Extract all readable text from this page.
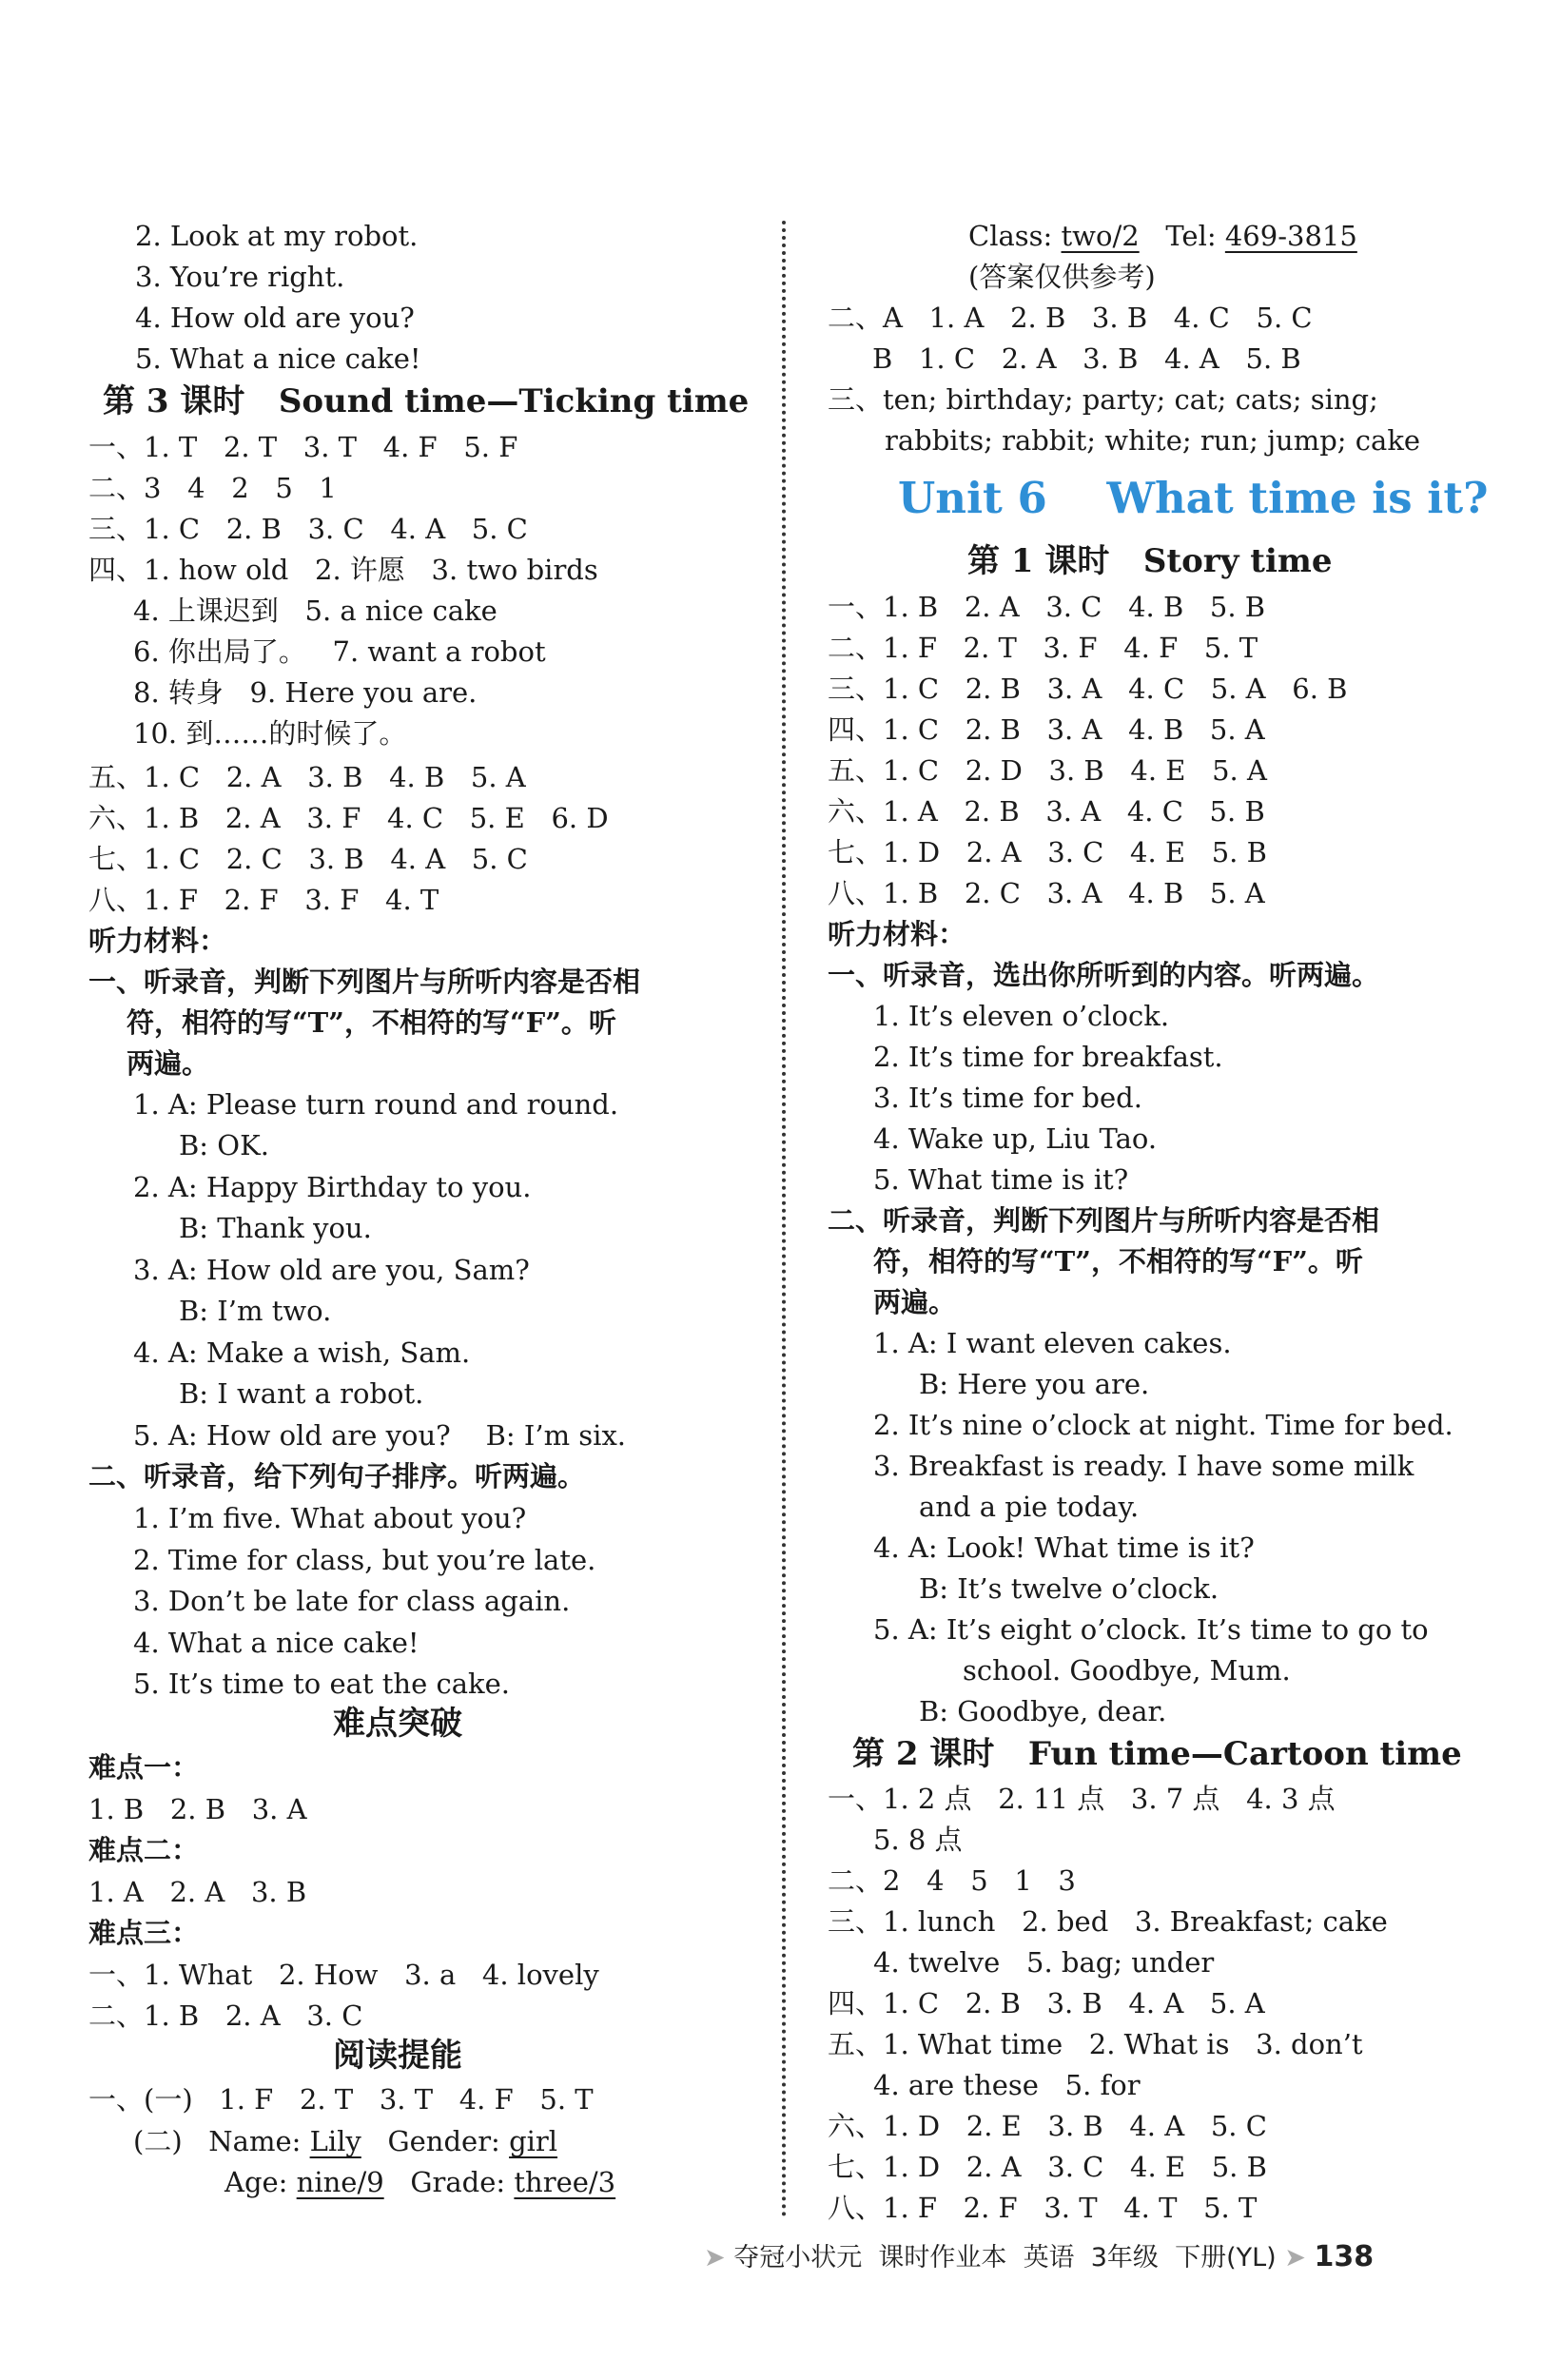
2. Look at my robot.
3. You’re right.
4. How old are you?
5. What a nice cake!
第 3 课时   Sound time—Ticking time
一、1. T   2. T   3. T   4. F   5. F
二、3   4   2   5   1
三、1. C   2. B   3. C   4. A   5. C
四、1. how old   2. 许愿   3. two birds
4. 上课迟到   5. a nice cake
6. 你出局了。   7. want a robot
8. 转身   9. Here you are.
10. 到……的时候了。
五、1. C   2. A   3. B   4. B   5. A
六、1. B   2. A   3. F   4. C   5. E   6. D
七、1. C   2. C   3. B   4. A   5. C
八、1. F   2. F   3. F   4. T
听力材料：
一、听录音，判断下列图片与所听内容是否相
符，相符的写“T”，不相符的写“F”。听
两遍。
1. A: Please turn round and round.
B: OK.
2. A: Happy Birthday to you.
B: Thank you.
3. A: How old are you, Sam?
B: I’m two.
4. A: Make a wish, Sam.
B: I want a robot.
5. A: How old are you?    B: I’m six.
二、听录音，给下列句子排序。听两遍。
1. I’m five. What about you?
2. Time for class, but you’re late.
3. Don’t be late for class again.
4. What a nice cake!
5. It’s time to eat the cake.
难点突破
难点一：
1. B   2. B   3. A
难点二：
1. A   2. A   3. B
难点三：
一、1. What   2. How   3. a   4. lovely
二、1. B   2. A   3. C
阅读提能
一、(一)   1. F   2. T   3. T   4. F   5. T
(二)   Name: Lily   Gender: girl
Age: nine/9   Grade: three/3
Class: two/2   Tel: 469-3815
(答案仅供参考)
二、A   1. A   2. B   3. B   4. C   5. C
B   1. C   2. A   3. B   4. A   5. B
三、ten; birthday; party; cat; cats; sing;
rabbits; rabbit; white; run; jump; cake
Unit 6    What time is it?
第 1 课时   Story time
一、1. B   2. A   3. C   4. B   5. B
二、1. F   2. T   3. F   4. F   5. T
三、1. C   2. B   3. A   4. C   5. A   6. B
四、1. C   2. B   3. A   4. B   5. A
五、1. C   2. D   3. B   4. E   5. A
六、1. A   2. B   3. A   4. C   5. B
七、1. D   2. A   3. C   4. E   5. B
八、1. B   2. C   3. A   4. B   5. A
听力材料：
一、听录音，选出你所听到的内容。听两遍。
1. It’s eleven o’clock.
2. It’s time for breakfast.
3. It’s time for bed.
4. Wake up, Liu Tao.
5. What time is it?
二、听录音，判断下列图片与所听内容是否相
符，相符的写“T”，不相符的写“F”。听
两遍。
1. A: I want eleven cakes.
B: Here you are.
2. It’s nine o’clock at night. Time for bed.
3. Breakfast is ready. I have some milk
and a pie today.
4. A: Look! What time is it?
B: It’s twelve o’clock.
5. A: It’s eight o’clock. It’s time to go to
school. Goodbye, Mum.
B: Goodbye, dear.
第 2 课时   Fun time—Cartoon time
一、1. 2 点   2. 11 点   3. 7 点   4. 3 点
5. 8 点
二、2   4   5   1   3
三、1. lunch   2. bed   3. Breakfast; cake
4. twelve   5. bag; under
四、1. C   2. B   3. B   4. A   5. A
五、1. What time   2. What is   3. don’t
4. are these   5. for
六、1. D   2. E   3. B   4. A   5. C
七、1. D   2. A   3. C   4. E   5. B
八、1. F   2. F   3. T   4. T   5. T
➤ 夺冠小状元 课时作业本 英语 3年级 下册(YL) ➤ 138
